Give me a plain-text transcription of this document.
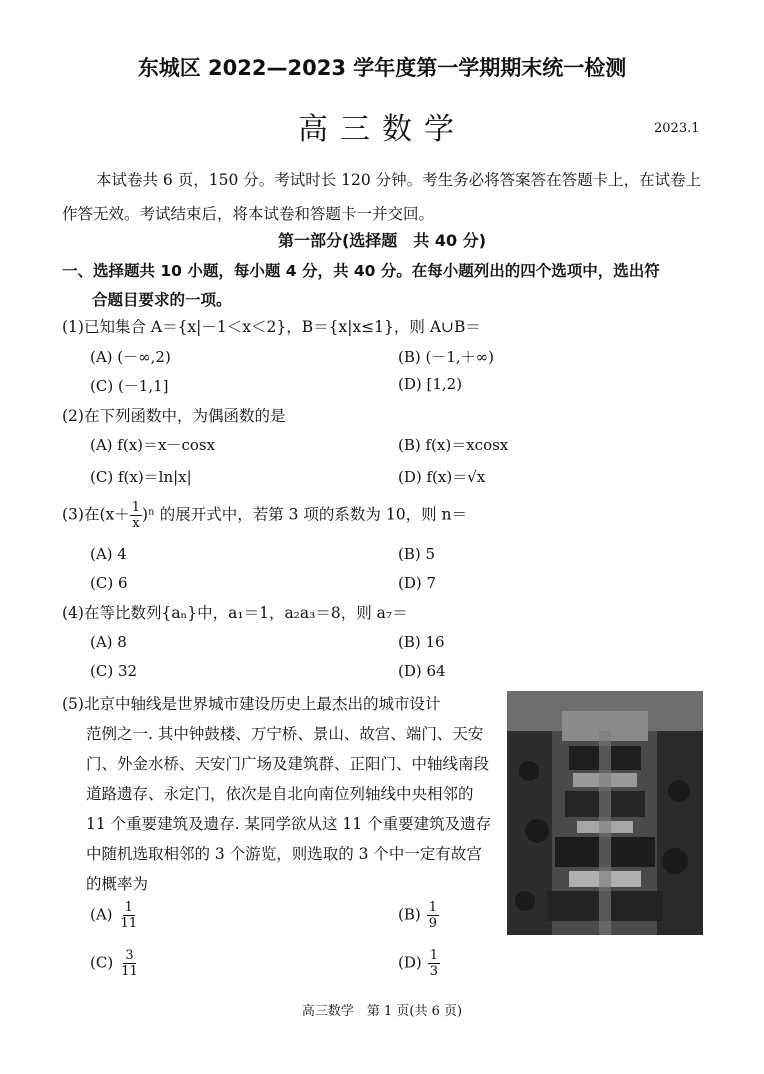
东城区 2022—2023 学年度第一学期期末统一检测
高三数学	2023.1
本试卷共 6 页，150 分。考试时长 120 分钟。考生务必将答案答在答题卡上，在试卷上作答无效。考试结束后，将本试卷和答题卡一并交回。
第一部分(选择题　共 40 分)
一、选择题共 10 小题，每小题 4 分，共 40 分。在每小题列出的四个选项中，选出符
合题目要求的一项。
(1)已知集合 A＝{x|－1＜x＜2}，B＝{x|x≤1}，则 A∪B＝
(A) (－∞,2)	(B) (－1,＋∞)
(C) (－1,1]	(D) [1,2)
(2)在下列函数中，为偶函数的是
(A) f(x)＝x－cosx	(B) f(x)＝xcosx
(C) f(x)＝ln|x|	(D) f(x)＝√x
(3)在$(x+ \frac{1}{x} )^n$ 的展开式中，若第 3 项的系数为 10，则 n＝
(A) 4	(B) 5
(C) 6	(D) 7
(4)在等比数列{aₙ}中，a₁＝1，a₂a₃＝8，则 a₇＝
(A) 8	(B) 16
(C) 32	(D) 64
(5)北京中轴线是世界城市建设历史上最杰出的城市设计
范例之一. 其中钟鼓楼、万宁桥、景山、故宫、端门、天安门、外金水桥、天安门广场及建筑群、正阳门、中轴线南段道路遗存、永定门，依次是自北向南位列轴线中央相邻的 11 个重要建筑及遗存. 某同学欲从这 11 个重要建筑及遗存中随机选取相邻的 3 个游览，则选取的 3 个中一定有故宫的概率为
$(A) \frac{1}{11}$	$(B) \frac{1}{9}$
$(C) \frac{3}{11}$	$(D) \frac{1}{3}$
高三数学　第 1 页(共 6 页)
